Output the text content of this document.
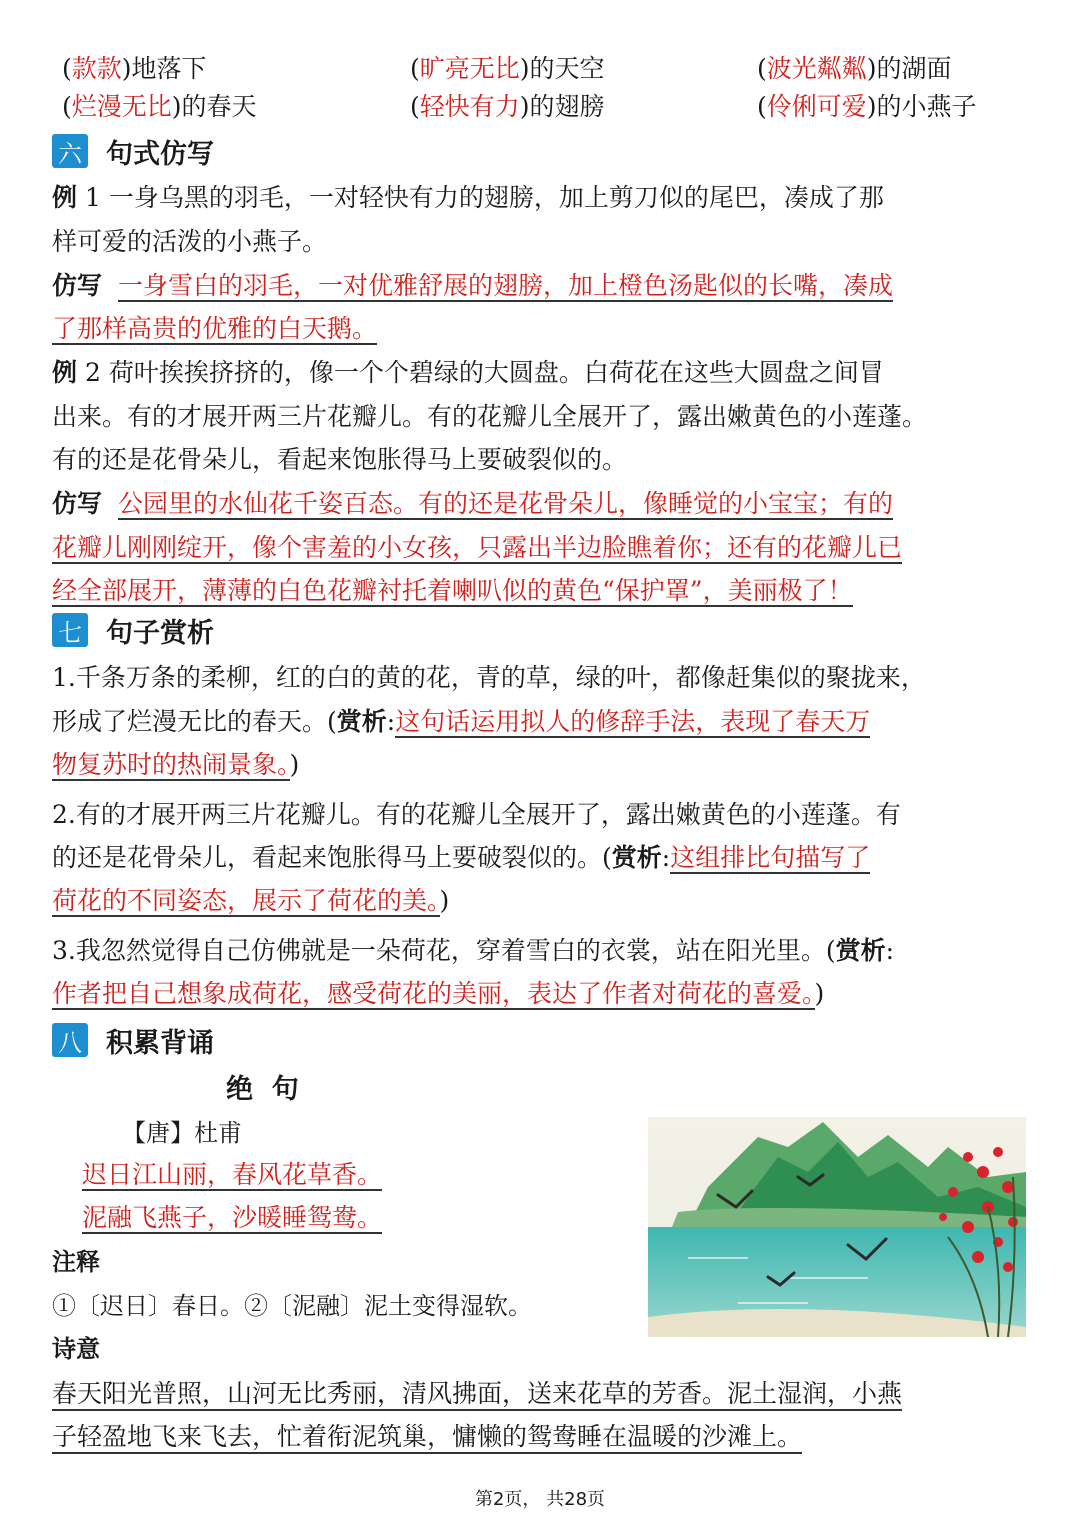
(款款)地落下	(旷亮无比)的天空	(波光粼粼)的湖面
(烂漫无比)的春天	(轻快有力)的翅膀	(伶俐可爱)的小燕子
六 句式仿写
例 1 一身乌黑的羽毛，一对轻快有力的翅膀，加上剪刀似的尾巴，凑成了那
样可爱的活泼的小燕子。
仿写 一身雪白的羽毛，一对优雅舒展的翅膀，加上橙色汤匙似的长嘴，凑成
了那样高贵的优雅的白天鹅。
例 2 荷叶挨挨挤挤的，像一个个碧绿的大圆盘。白荷花在这些大圆盘之间冒
出来。有的才展开两三片花瓣儿。有的花瓣儿全展开了，露出嫩黄色的小莲蓬。
有的还是花骨朵儿，看起来饱胀得马上要破裂似的。
仿写 公园里的水仙花千姿百态。有的还是花骨朵儿，像睡觉的小宝宝；有的
花瓣儿刚刚绽开，像个害羞的小女孩，只露出半边脸瞧着你；还有的花瓣儿已
经全部展开，薄薄的白色花瓣衬托着喇叭似的黄色“保护罩”，美丽极了！
七 句子赏析
1.千条万条的柔柳，红的白的黄的花，青的草，绿的叶，都像赶集似的聚拢来，
形成了烂漫无比的春天。(赏析:这句话运用拟人的修辞手法，表现了春天万
物复苏时的热闹景象。)
2.有的才展开两三片花瓣儿。有的花瓣儿全展开了，露出嫩黄色的小莲蓬。有
的还是花骨朵儿，看起来饱胀得马上要破裂似的。(赏析:这组排比句描写了
荷花的不同姿态，展示了荷花的美。)
3.我忽然觉得自己仿佛就是一朵荷花，穿着雪白的衣裳，站在阳光里。(赏析:
作者把自己想象成荷花，感受荷花的美丽，表达了作者对荷花的喜爱。)
八 积累背诵
绝  句
【唐】杜甫
迟日江山丽，春风花草香。
泥融飞燕子，沙暖睡鸳鸯。
注释
①〔迟日〕春日。②〔泥融〕泥土变得湿软。
诗意
春天阳光普照，山河无比秀丽，清风拂面，送来花草的芳香。泥土湿润，小燕
子轻盈地飞来飞去，忙着衔泥筑巢，慵懒的鸳鸯睡在温暖的沙滩上。
第2页， 共28页
